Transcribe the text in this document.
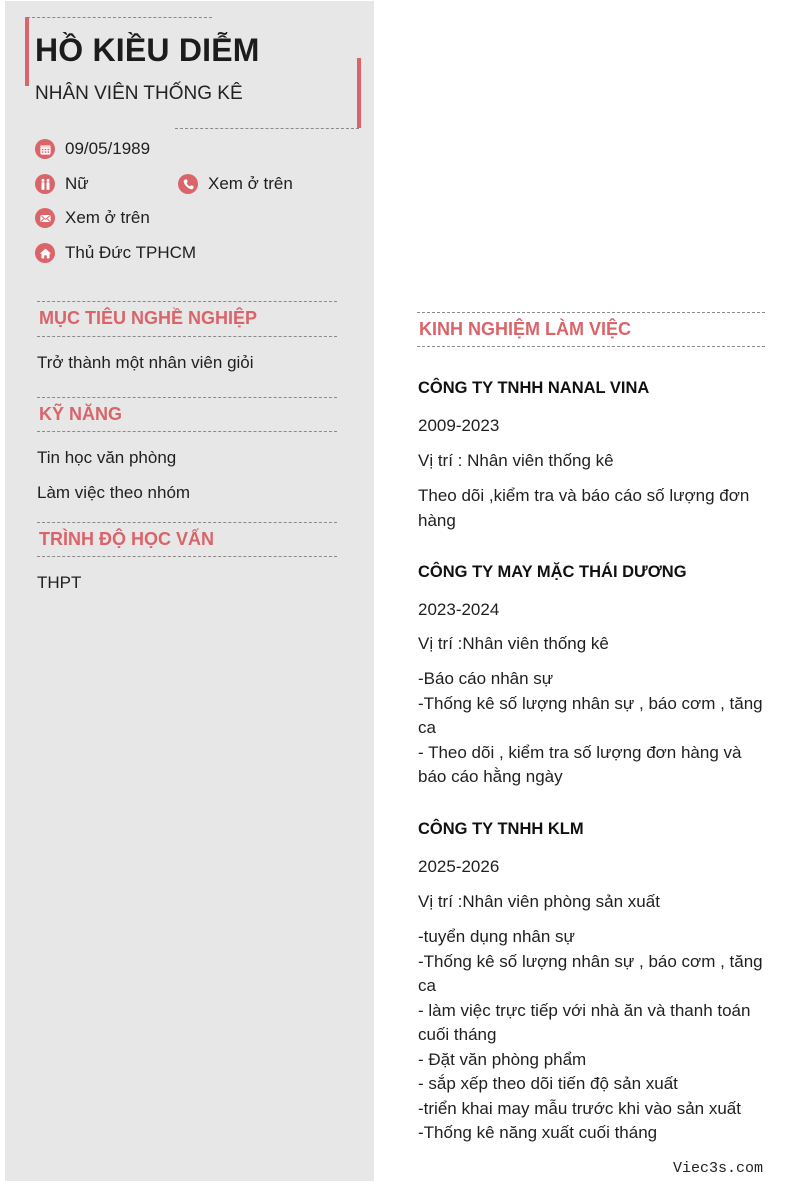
HỒ KIỀU DIỄM
NHÂN VIÊN THỐNG KÊ
09/05/1989
Nữ	Xem ở trên
Xem ở trên
Thủ Đức TPHCM
MỤC TIÊU NGHỀ NGHIỆP
Trở thành một nhân viên giỏi
KỸ NĂNG
Tin học văn phòng
Làm việc theo nhóm
TRÌNH ĐỘ HỌC VẤN
THPT
KINH NGHIỆM LÀM VIỆC
CÔNG TY TNHH NANAL VINA
2009-2023
Vị trí : Nhân viên thống kê
Theo dõi ,kiểm tra và báo cáo số lượng đơn hàng
CÔNG TY MAY MẶC THÁI DƯƠNG
2023-2024
Vị trí :Nhân viên thống kê
-Báo cáo nhân sự
-Thống kê số lượng nhân sự , báo cơm , tăng ca
- Theo dõi , kiểm tra số lượng đơn hàng và báo cáo hằng ngày
CÔNG TY TNHH KLM
2025-2026
Vị trí :Nhân viên phòng sản xuất
-tuyển dụng nhân sự
-Thống kê số lượng nhân sự , báo cơm , tăng ca
- làm việc trực tiếp với nhà ăn và thanh toán cuối tháng
- Đặt văn phòng phẩm
- sắp xếp theo dõi tiến độ sản xuất
-triển khai may mẫu trước khi vào sản xuất
-Thống kê năng xuất cuối tháng
Viec3s.com
